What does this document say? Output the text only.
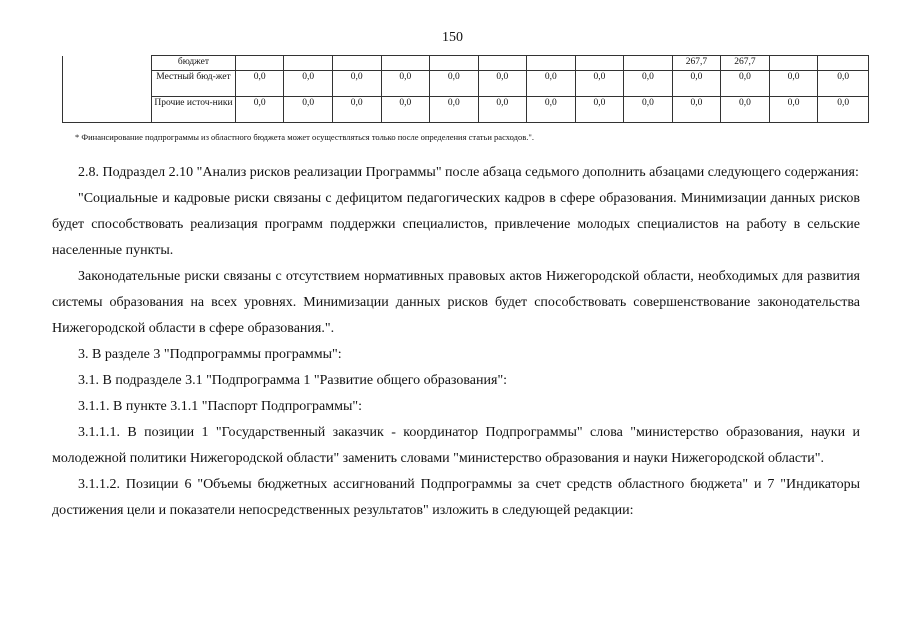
150
	бюджет										267,7	267,7		
	Местный бюд-жет	0,0	0,0	0,0	0,0	0,0	0,0	0,0	0,0	0,0	0,0	0,0	0,0	0,0
	Прочие источ-ники	0,0	0,0	0,0	0,0	0,0	0,0	0,0	0,0	0,0	0,0	0,0	0,0	0,0
* Финансирование подпрограммы из областного бюджета может осуществляться только после определения статьи расходов.".

2.8. Подраздел 2.10 "Анализ рисков реализации Программы" после абзаца седьмого дополнить абзацами следующего содержания:

"Социальные и кадровые риски связаны с дефицитом педагогических кадров в сфере образования. Минимизации данных рисков будет способствовать реализация программ поддержки специалистов, привлечение молодых специалистов на работу в сельские населенные пункты.

Законодательные риски связаны с отсутствием нормативных правовых актов Нижегородской области, необходимых для развития системы образования на всех уровнях. Минимизации данных рисков будет способствовать совершенствование законодательства Нижегородской области в сфере образования.".

3. В разделе 3 "Подпрограммы программы":

3.1. В подразделе 3.1 "Подпрограмма 1 "Развитие общего образования":

3.1.1. В пункте 3.1.1 "Паспорт Подпрограммы":

3.1.1.1. В позиции 1 "Государственный заказчик - координатор Подпрограммы" слова "министерство образования, науки и молодежной политики Нижегородской области" заменить словами "министерство образования и науки Нижегородской области".

3.1.1.2. Позиции 6 "Объемы бюджетных ассигнований Подпрограммы за счет средств областного бюджета" и 7 "Индикаторы достижения цели и показатели непосредственных результатов" изложить в следующей редакции:
